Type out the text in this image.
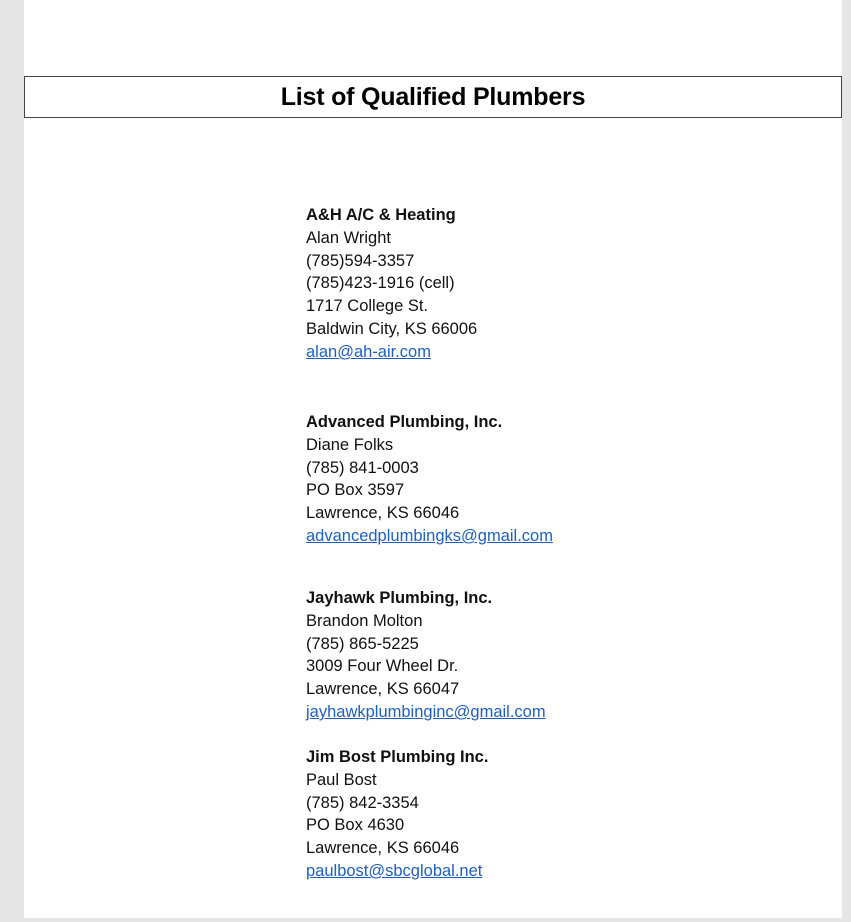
List of Qualified Plumbers
A&H A/C & Heating
Alan Wright
(785)594-3357
(785)423-1916 (cell)
1717 College St.
Baldwin City, KS 66006
alan@ah-air.com
Advanced Plumbing, Inc.
Diane Folks
(785) 841-0003
PO Box 3597
Lawrence, KS 66046
advancedplumbingks@gmail.com
Jayhawk Plumbing, Inc.
Brandon Molton
(785) 865-5225
3009 Four Wheel Dr.
Lawrence, KS 66047
jayhawkplumbinginc@gmail.com
Jim Bost Plumbing Inc.
Paul Bost
(785) 842-3354
PO Box 4630
Lawrence, KS 66046
paulbost@sbcglobal.net
